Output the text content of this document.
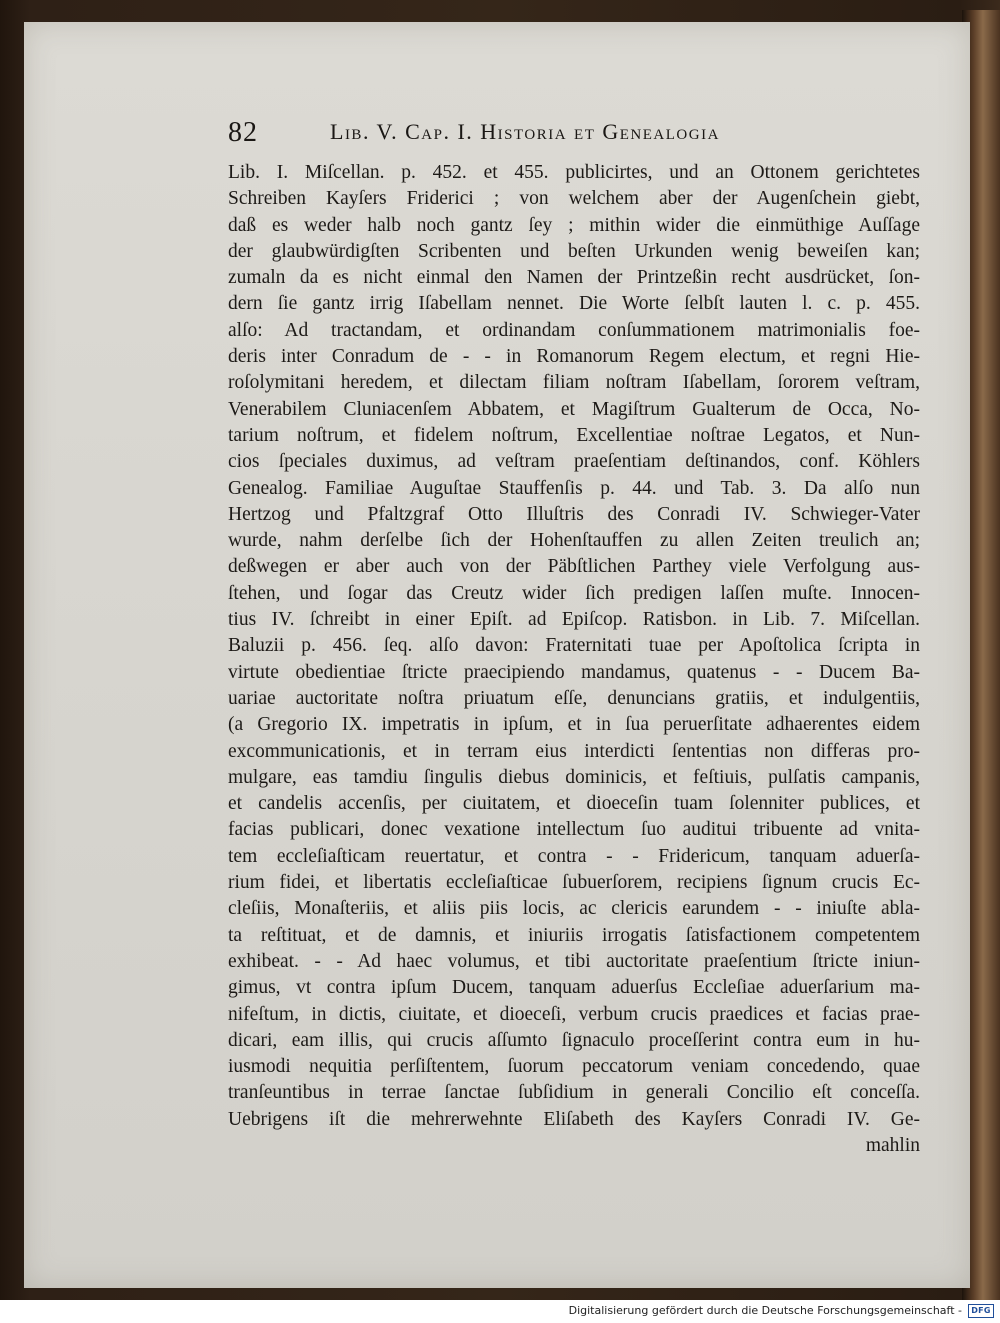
82	Lib. V. Cap. I. Historia et Genealogia
Lib. I. Miſcellan. p. 452. et 455. publicirtes, und an Ottonem gerichtetes
Schreiben Kayſers Friderici ; von welchem aber der Augenſchein giebt,
daß es weder halb noch gantz ſey ; mithin wider die einmüthige Auſſage
der glaubwürdigſten Scribenten und beſten Urkunden wenig beweiſen kan;
zumaln da es nicht einmal den Namen der Printzeßin recht ausdrücket, ſon-
dern ſie gantz irrig Iſabellam nennet. Die Worte ſelbſt lauten l. c. p. 455.
alſo: Ad tractandam, et ordinandam conſummationem matrimonialis foe-
deris inter Conradum de - - in Romanorum Regem electum, et regni Hie-
roſolymitani heredem, et dilectam filiam noſtram Iſabellam, ſororem veſtram,
Venerabilem Cluniacenſem Abbatem, et Magiſtrum Gualterum de Occa, No-
tarium noſtrum, et fidelem noſtrum, Excellentiae noſtrae Legatos, et Nun-
cios ſpeciales duximus, ad veſtram praeſentiam deſtinandos, conf. Köhlers
Genealog. Familiae Auguſtae Stauffenſis p. 44. und Tab. 3. Da alſo nun
Hertzog und Pfaltzgraf Otto Illuſtris des Conradi IV. Schwieger-Vater
wurde, nahm derſelbe ſich der Hohenſtauffen zu allen Zeiten treulich an;
deßwegen er aber auch von der Päbſtlichen Parthey viele Verfolgung aus-
ſtehen, und ſogar das Creutz wider ſich predigen laſſen muſte. Innocen-
tius IV. ſchreibt in einer Epiſt. ad Epiſcop. Ratisbon. in Lib. 7. Miſcellan.
Baluzii p. 456. ſeq. alſo davon: Fraternitati tuae per Apoſtolica ſcripta in
virtute obedientiae ſtricte praecipiendo mandamus, quatenus - - Ducem Ba-
uariae auctoritate noſtra priuatum eſſe, denuncians gratiis, et indulgentiis,
(a Gregorio IX. impetratis in ipſum, et in ſua peruerſitate adhaerentes eidem
excommunicationis, et in terram eius interdicti ſententias non differas pro-
mulgare, eas tamdiu ſingulis diebus dominicis, et feſtiuis, pulſatis campanis,
et candelis accenſis, per ciuitatem, et dioeceſin tuam ſolenniter publices, et
facias publicari, donec vexatione intellectum ſuo auditui tribuente ad vnita-
tem eccleſiaſticam reuertatur, et contra - - Fridericum, tanquam aduerſa-
rium fidei, et libertatis eccleſiaſticae ſubuerſorem, recipiens ſignum crucis Ec-
cleſiis, Monaſteriis, et aliis piis locis, ac clericis earundem - - iniuſte abla-
ta reſtituat, et de damnis, et iniuriis irrogatis ſatisfactionem competentem
exhibeat. - - Ad haec volumus, et tibi auctoritate praeſentium ſtricte iniun-
gimus, vt contra ipſum Ducem, tanquam aduerſus Eccleſiae aduerſarium ma-
nifeſtum, in dictis, ciuitate, et dioeceſi, verbum crucis praedices et facias prae-
dicari, eam illis, qui crucis aſſumto ſignaculo proceſſerint contra eum in hu-
iusmodi nequitia perſiſtentem, ſuorum peccatorum veniam concedendo, quae
tranſeuntibus in terrae ſanctae ſubſidium in generali Concilio eſt conceſſa.
Uebrigens iſt die mehrerwehnte Eliſabeth des Kayſers Conradi IV. Ge-
mahlin
Digitalisierung gefördert durch die Deutsche Forschungsgemeinschaft -	DFG
